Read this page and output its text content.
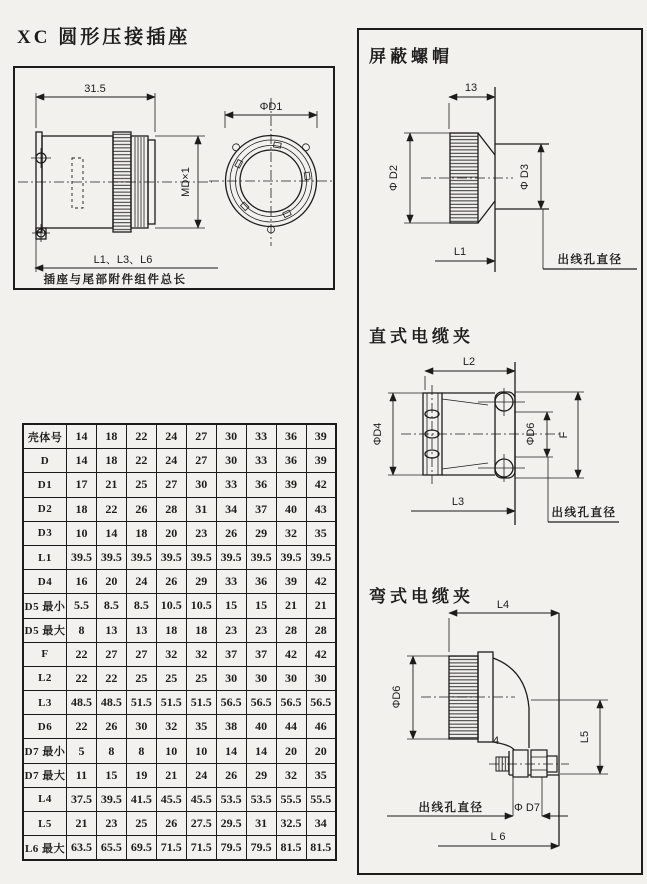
XC 圆形压接插座
31.5
MD×1
ΦD1
L1、L3、L6
插座与尾部附件组件总长
壳体号	14	18	22	24	27	30	33	36	39
D	14	18	22	24	27	30	33	36	39
D1	17	21	25	27	30	33	36	39	42
D2	18	22	26	28	31	34	37	40	43
D3	10	14	18	20	23	26	29	32	35
L1	39.5	39.5	39.5	39.5	39.5	39.5	39.5	39.5	39.5
D4	16	20	24	26	29	33	36	39	42
D5 最小	5.5	8.5	8.5	10.5	10.5	15	15	21	21
D5 最大	8	13	13	18	18	23	23	28	28
F	22	27	27	32	32	37	37	42	42
L2	22	22	25	25	25	30	30	30	30
L3	48.5	48.5	51.5	51.5	51.5	56.5	56.5	56.5	56.5
D6	22	26	30	32	35	38	40	44	46
D7 最小	5	8	8	10	10	14	14	20	20
D7 最大	11	15	19	21	24	26	29	32	35
L4	37.5	39.5	41.5	45.5	45.5	53.5	53.5	55.5	55.5
L5	21	23	25	26	27.5	29.5	31	32.5	34
L6 最大	63.5	65.5	69.5	71.5	71.5	79.5	79.5	81.5	81.5
屏蔽螺帽
13
Φ D2	Φ D3
L1
出线孔直径
直式电缆夹
L2
ΦD4	ΦD6 F
L3
出线孔直径
弯式电缆夹 L4
ΦD6
4	L5
出线孔直径	Φ D7
L 6
